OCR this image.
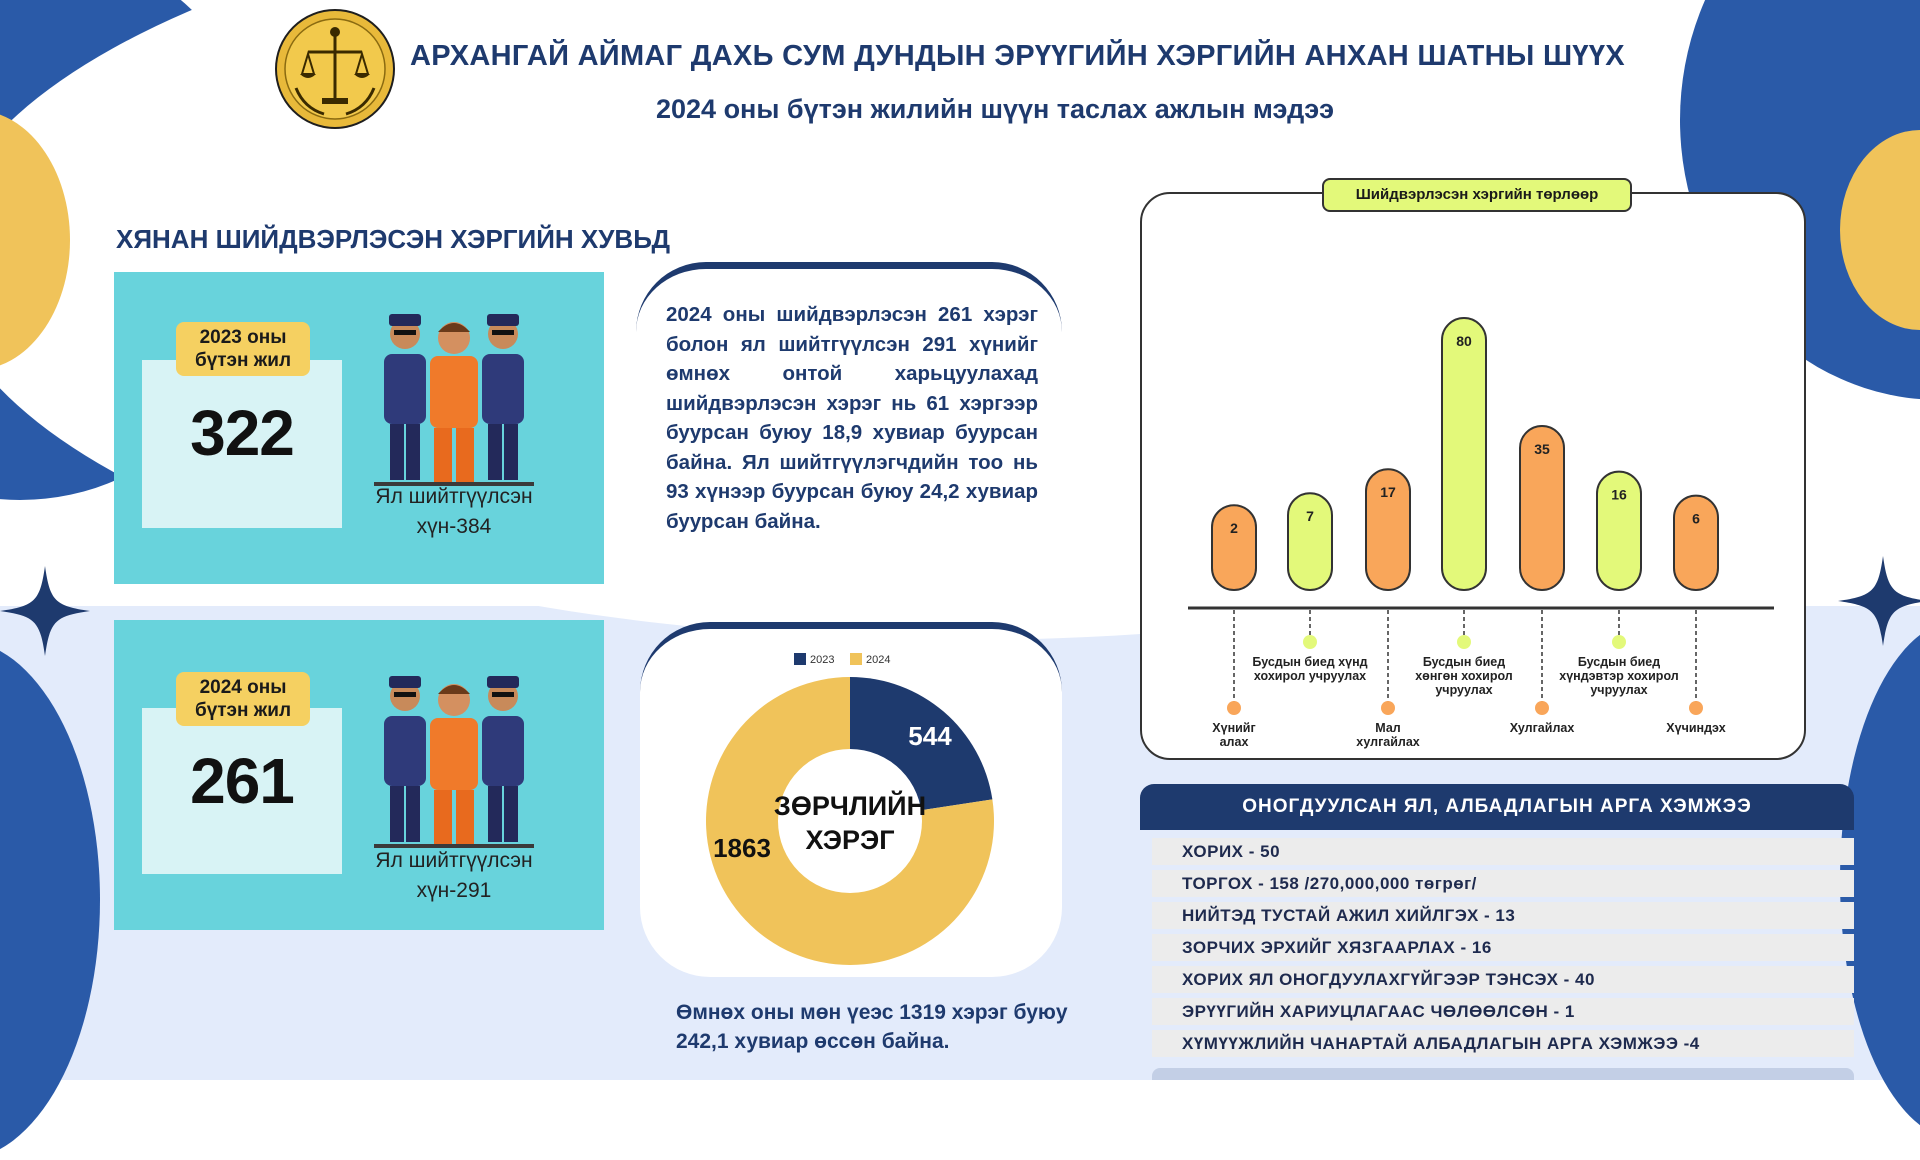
АРХАНГАЙ АЙМАГ ДАХЬ СУМ ДУНДЫН ЭРҮҮГИЙН ХЭРГИЙН АНХАН ШАТНЫ ШҮҮХ
2024 оны бүтэн жилийн шүүн таслах ажлын мэдээ
ХЯНАН ШИЙДВЭРЛЭСЭН ХЭРГИЙН ХУВЬД
2023 оны бүтэн жил
322
Ял шийтгүүлсэн
хүн-384
2024 оны бүтэн жил
261
Ял шийтгүүлсэн
хүн-291
2024 оны шийдвэрлэсэн 261 хэрэг болон ял шийтгүүлсэн 291 хүнийг өмнөх онтой харьцуулахад шийдвэрлэсэн хэрэг нь 61 хэргээр буурсан буюу 18,9 хувиар буурсан байна. Ял шийтгүүлэгчдийн тоо нь 93 хүнээр буурсан буюу 24,2 хувиар буурсан байна.
2023	2024
ЗӨРЧЛИЙН
ХЭРЭГ
544
1863
Өмнөх оны мөн үеэс 1319 хэрэг буюу 242,1 хувиар өссөн байна.
2
Хүнийг
алах
7
Бусдын биед хүнд
хохирол учруулах
17
Мал
хулгайлах
80
Бусдын биед
хөнгөн хохирол
учруулах
35
Хулгайлах
16
Бусдын биед
хүндэвтэр хохирол
учруулах
6
Хүчиндэх
Шийдвэрлэсэн хэргийн төрлөөр
ОНОГДУУЛСАН ЯЛ, АЛБАДЛАГЫН АРГА ХЭМЖЭЭ
ХОРИХ - 50
ТОРГОХ - 158 /270,000,000 төгрөг/
НИЙТЭД ТУСТАЙ АЖИЛ ХИЙЛГЭХ - 13
ЗОРЧИХ ЭРХИЙГ ХЯЗГААРЛАХ - 16
ХОРИХ ЯЛ ОНОГДУУЛАХГҮЙГЭЭР ТЭНСЭХ - 40
ЭРҮҮГИЙН ХАРИУЦЛАГААС ЧӨЛӨӨЛСӨН - 1
ХҮМҮҮЖЛИЙН ЧАНАРТАЙ АЛБАДЛАГЫН АРГА ХЭМЖЭЭ -4
